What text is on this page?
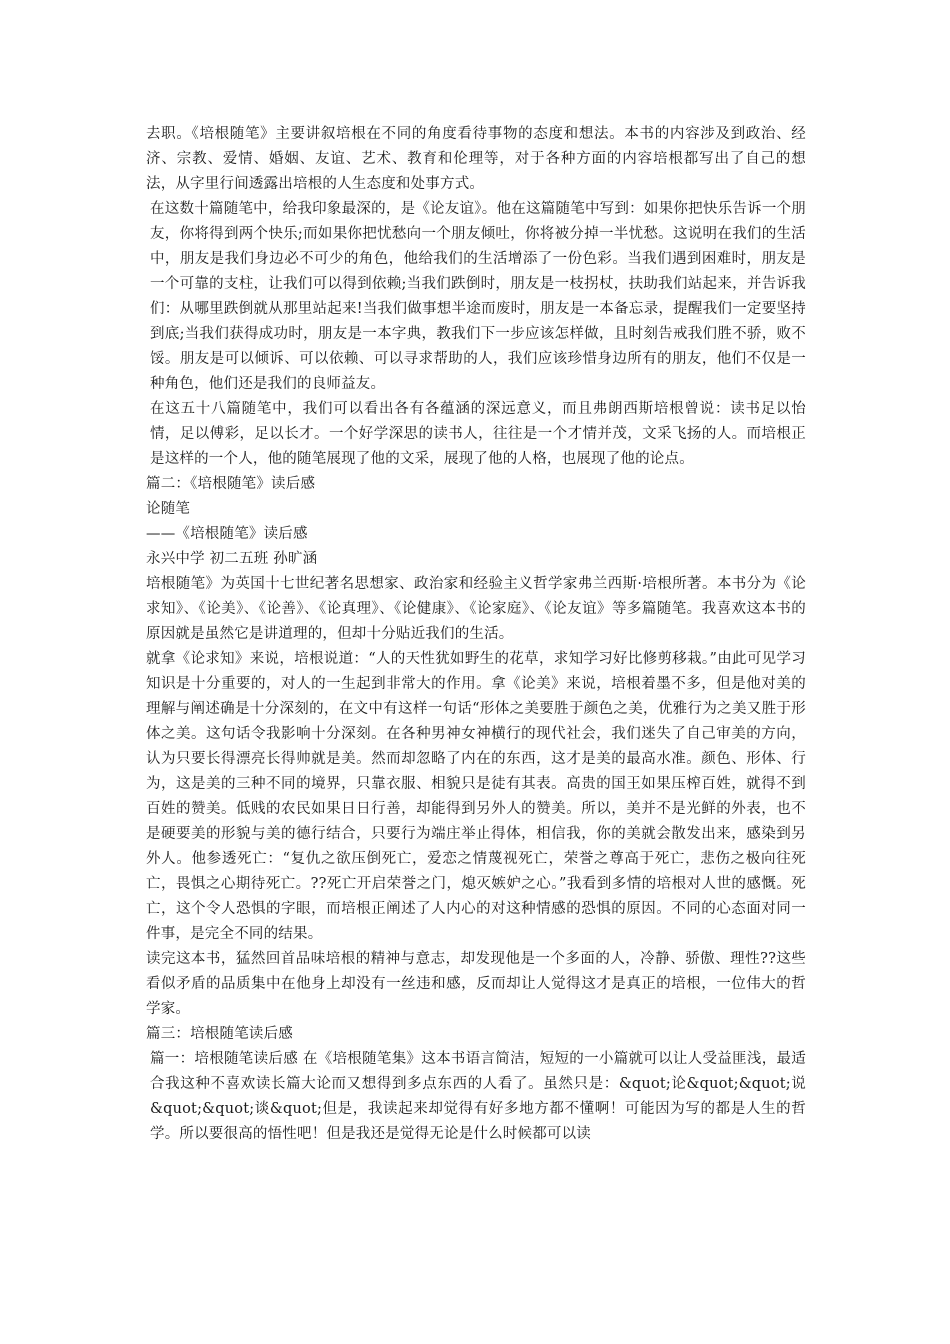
去职。《培根随笔》主要讲叙培根在不同的角度看待事物的态度和想法。本书的内容涉及到政治、经济、宗教、爱情、婚姻、友谊、艺术、教育和伦理等，对于各种方面的内容培根都写出了自己的想法，从字里行间透露出培根的人生态度和处事方式。

在这数十篇随笔中，给我印象最深的，是《论友谊》。他在这篇随笔中写到：如果你把快乐告诉一个朋友，你将得到两个快乐;而如果你把忧愁向一个朋友倾吐，你将被分掉一半忧愁。这说明在我们的生活中，朋友是我们身边必不可少的角色，他给我们的生活增添了一份色彩。当我们遇到困难时，朋友是一个可靠的支柱，让我们可以得到依赖;当我们跌倒时，朋友是一枝拐杖，扶助我们站起来，并告诉我们：从哪里跌倒就从那里站起来!当我们做事想半途而废时，朋友是一本备忘录，提醒我们一定要坚持到底;当我们获得成功时，朋友是一本字典，教我们下一步应该怎样做，且时刻告戒我们胜不骄，败不馁。朋友是可以倾诉、可以依赖、可以寻求帮助的人，我们应该珍惜身边所有的朋友，他们不仅是一种角色，他们还是我们的良师益友。

在这五十八篇随笔中，我们可以看出各有各蕴涵的深远意义，而且弗朗西斯培根曾说：读书足以怡情，足以傅彩，足以长才。一个好学深思的读书人，往往是一个才情并茂，文采飞扬的人。而培根正是这样的一个人，他的随笔展现了他的文采，展现了他的人格，也展现了他的论点。

篇二：《培根随笔》读后感

论随笔

——《培根随笔》读后感

永兴中学 初二五班 孙旷涵

培根随笔》为英国十七世纪著名思想家、政治家和经验主义哲学家弗兰西斯·培根所著。本书分为《论求知》、《论美》、《论善》、《论真理》、《论健康》、《论家庭》、《论友谊》等多篇随笔。我喜欢这本书的原因就是虽然它是讲道理的，但却十分贴近我们的生活。

就拿《论求知》来说，培根说道：“人的天性犹如野生的花草，求知学习好比修剪移栽。”由此可见学习知识是十分重要的，对人的一生起到非常大的作用。拿《论美》来说，培根着墨不多，但是他对美的理解与阐述确是十分深刻的，在文中有这样一句话“形体之美要胜于颜色之美，优雅行为之美又胜于形体之美。这句话令我影响十分深刻。在各种男神女神横行的现代社会，我们迷失了自己审美的方向，认为只要长得漂亮长得帅就是美。然而却忽略了内在的东西，这才是美的最高水准。颜色、形体、行为，这是美的三种不同的境界，只靠衣服、相貌只是徒有其表。高贵的国王如果压榨百姓，就得不到百姓的赞美。低贱的农民如果日日行善，却能得到另外人的赞美。所以，美并不是光鲜的外表，也不是硬要美的形貌与美的德行结合，只要行为端庄举止得体，相信我，你的美就会散发出来，感染到另外人。他参透死亡：“复仇之欲压倒死亡，爱恋之情蔑视死亡，荣誉之尊高于死亡，悲伤之极向往死亡，畏惧之心期待死亡。??死亡开启荣誉之门，熄灭嫉妒之心。”我看到多情的培根对人世的感慨。死亡，这个令人恐惧的字眼，而培根正阐述了人内心的对这种情感的恐惧的原因。不同的心态面对同一件事，是完全不同的结果。

读完这本书，猛然回首品味培根的精神与意志，却发现他是一个多面的人，冷静、骄傲、理性??这些看似矛盾的品质集中在他身上却没有一丝违和感，反而却让人觉得这才是真正的培根，一位伟大的哲学家。

篇三：培根随笔读后感

篇一：培根随笔读后感 在《培根随笔集》这本书语言简洁，短短的一小篇就可以让人受益匪浅，最适合我这种不喜欢读长篇大论而又想得到多点东西的人看了。虽然只是：&quot;论&quot;&quot;说&quot;&quot;谈&quot;但是，我读起来却觉得有好多地方都不懂啊！可能因为写的都是人生的哲学。所以要很高的悟性吧！但是我还是觉得无论是什么时候都可以读
